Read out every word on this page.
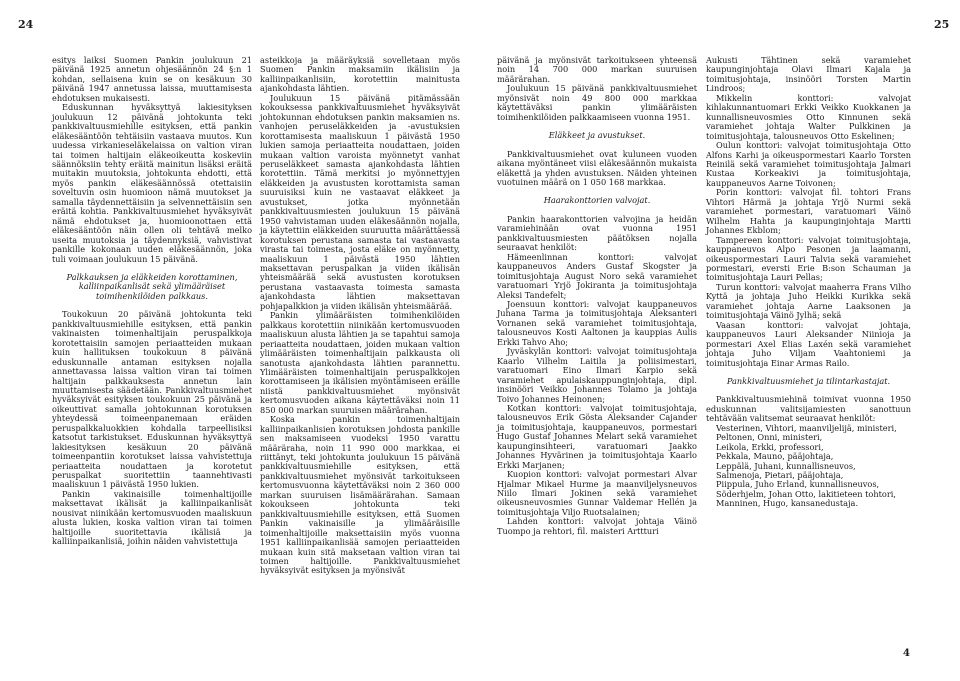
24	25

esitys laiksi Suomen Pankin joulukuun 21 päivänä 1925 annetun ohjesäännön 24 §:n 1 kohdan, sellaisena kuin se on kesäkuun 30 päivänä 1947 annetussa laissa, muuttamisesta ehdotuksen mukaisesti.

Eduskunnan hyväksyttyä lakiesityksen joulukuun 12 päivänä johtokunta teki pankkivaltuusmiehille esityksen, että pankin eläkesääntöön tehtäisiin vastaava muutos. Kun uudessa virkanieseläkelaissa on valtion viran tai toimen haltijain eläkeoikeutta koskeviin säännöksiin tehty eräitä mainitun lisäksi eräitä muitakin muutoksia, johtokunta ehdotti, että myös pankin eläkesäännössä otettaisiin soveltuvin osin huomioon nämä muutokset ja samalla täydennettäisiin ja selvennettäisiin sen eräitä kohtia. Pankkivaltuusmiehet hyväksyivät nämä ehdotukset ja, huomioonottaen että eläkesääntöön näin ollen oli tehtävä melko useita muutoksia ja täydennyksiä, vahvistivat pankille kokonaan uuden eläkesäännön, joka tuli voimaan joulukuun 15 päivänä.

Palkkauksen ja eläkkeiden korottaminen, kalliinpaikanlisät sekä ylimääräiset toimihenkilöiden palkkaus.

Toukokuun 20 päivänä johtokunta teki pankkivaltuusmiehille esityksen, että pankin vakinaisten toimenhaltijain peruspalkkoja korotettaisiin samojen periaatteiden mukaan kuin hallituksen toukokuun 8 päivänä eduskunnalle antaman esityksen nojalla annettavassa laissa valtion viran tai toimen haltijain palkkauksesta annetun lain muuttamisesta säädetään. Pankkivaltuusmiehet hyväksyivät esityksen toukokuun 25 päivänä ja oikeuttivat samalla johtokunnan korotuksen yhteydessä toimeenpanemaan eräiden peruspalkkaluokkien kohdalla tarpeellisiksi katsotut tarkistukset. Eduskunnan hyväksyttyä lakiesityksen kesäkuun 20 päivänä toimeenpantiin korotukset laissa vahvistettuja periaatteita noudattaen ja korotetut peruspalkat suoritettiin taannehtivasti maaliskuun 1 päivästä 1950 lukien.

Pankin vakinaisille toimenhaltijoille maksettavat ikälisät ja kalliinpaikanlisät nousivat niinikään kertomusvuoden maaliskuun alusta lukien, koska valtion viran tai toimen haltijoille suoritettavia ikälisiä ja kalliinpaikanlisiä, joihin näiden vahvistettuja

asteikkoja ja määräyksiä sovelletaan myös Suomen Pankin maksamiin ikälisiin ja kalliinpaikanlisiin, korotettiin mainitusta ajankohdasta lähtien.

Joulukuun 15 päivänä pitämässään kokouksessa pankkivaltuusmiehet hyväksyivät johtokunnan ehdotuksen pankin maksamien ns. vanhojen peruseläkkeiden ja -avustuksien korottamisesta maaliskuun 1 päivästä 1950 lukien samoja periaatteita noudattaen, joiden mukaan valtion varoista myönnetyt vanhat peruseläkkeet samasta ajankohdasta lähtien korotettiin. Tämä merkitsi jo myönnettyjen eläkkeiden ja avustusten korottamista saman suuruisiksi kuin ne vastaavat eläkkeet ja avustukset, jotka myönnetään pankkivaltuusmiesten joulukuun 15 päivänä 1950 vahvistaman uuden eläkesäännön nojalla, ja käytettiin eläkkeiden suuruutta määrättäessä korotuksen perustana samasta tai vastaavasta virasta tai toimesta, josta eläke on myönnetty, maaliskuun 1 päivästä 1950 lähtien maksettavan peruspalkan ja viiden ikälisän yhteismäärää sekä avustusten korotuksen perustana vastaavasta toimesta samasta ajankohdasta lähtien maksettavan pohjapalkkion ja viiden ikälisän yhteismäärää.

Pankin ylimääräisten toimihenkilöiden palkkaus korotettiin niinikään kertomusvuoden maaliskuun alusta lähtien ja se tapahtui samoja periaatteita noudattaen, joiden mukaan valtion ylimääräisten toimenhaltijain palkkausta oli sanotusta ajankohdasta lähtien parannettu. Ylimääräisten toimenhaltijain peruspalkkojen korottamiseen ja ikälisien myöntämiseen eräille niistä pankkivaltuusmiehet myönsivät kertomusvuoden aikana käytettäväksi noin 11 850 000 markan suuruisen määrärahan.

Koska pankin toimenhaltijain kalliinpaikanlisien korotuksen johdosta pankille sen maksamiseen vuodeksi 1950 varattu määräraha, noin 11 990 000 markkaa, ei riittänyt, teki johtokunta joulukuun 15 päivänä pankkivaltuusmiehille esityksen, että pankkivaltuusmiehet myönsivät tarkoitukseen kertomusvuonna käytettäväksi noin 2 360 000 markan suuruisen lisämäärärahan. Samaan kokoukseen johtokunta teki pankkivaltuusmiehille esityksen, että Suomen Pankin vakinaisille ja ylimääräisille toimenhaltijoille maksettaisiin myös vuonna 1951 kalliinpaikanlisää samojen periaatteiden mukaan kuin sitä maksetaan valtion viran tai toimen haltijoille. Pankkivaltuusmiehet hyväksyivät esityksen ja myönsivät

päivänä ja myönsivät tarkoitukseen yhteensä noin 14 700 000 markan suuruisen määrärahan.

Joulukuun 15 päivänä pankkivaltuusmiehet myönsivät noin 49 800 000 markkaa käytettäväksi pankin ylimääräisten toimihenkilöiden palkkaamiseen vuonna 1951.

Eläkkeet ja avustukset.

Pankkivaltuusmiehet ovat kuluneen vuoden aikana myöntäneet viisi eläkesäännön mukaista eläkettä ja yhden avustuksen. Näiden yhteinen vuotuinen määrä on 1 050 168 markkaa.

Haarakonttorien valvojat.

Pankin haarakonttorien valvojina ja heidän varamiehinään ovat vuonna 1951 pankkivaltuusmiesten päätöksen nojalla seuraavat henkilöt:

Hämeenlinnan konttori: valvojat kauppaneuvos Anders Gustaf Skogster ja toimitusjohtaja August Noro sekä varamiehet varatuomari Yrjö Jokiranta ja toimitusjohtaja Aleksi Tandefelt;

Joensuun konttori: valvojat kauppaneuvos Juhana Tarma ja toimitusjohtaja Aleksanteri Vornanen sekä varamiehet toimitusjohtaja, talousneuvos Kosti Aaltonen ja kauppias Aulis Erkki Tahvo Aho;

Jyväskylän konttori: valvojat toimitusjohtaja Kaarlo Vilhelm Laitila ja poliisimestari, varatuomari Eino Ilmari Karpio sekä varamiehet apulaiskauppunginjohtaja, dipl. insinööri Veikko Johannes Tolamo ja johtaja Toivo Johannes Heinonen;

Kotkan konttori: valvojat toimitusjohtaja, talousneuvos Erik Gösta Aleksander Cajander ja toimitusjohtaja, kauppaneuvos, pormestari Hugo Gustaf Johannes Melart sekä varamiehet kaupunginsihteeri, varatuomari Jaakko Johannes Hyvärinen ja toimitusjohtaja Kaarlo Erkki Marjanen;

Kuopion konttori: valvojat pormestari Alvar Hjalmar Mikael Hurme ja maanviljelysneuvos Niilo Ilmari Jokinen sekä varamiehet oikeusneuvosmies Gunnar Valdemar Hellén ja toimitusjohtaja Viljo Ruotsalainen;

Lahden konttori: valvojat johtaja Väinö Tuompo ja rehtori, fil. maisteri Arttturi

Aukusti Tähtinen sekä varamiehet kaupunginjohtaja Olavi Ilmari Kajala ja toimitusjohtaja, insinööri Torsten Martin Lindroos;

Mikkelin konttori: valvojat kihlakunnantuomari Erkki Veikko Kuokkanen ja kunnallisneuvosmies Otto Kinnunen sekä varamiehet johtaja Walter Pulkkinen ja toimitusjohtaja, talousneuvos Otto Eskelinen;

Oulun konttori: valvojat toimitusjohtaja Otto Alfons Karhi ja oikeuspormestari Kaarlo Torsten Reinilä sekä varamiehet toimitusjohtaja Jalmari Kustaa Korkeakivi ja toimitusjohtaja, kauppaneuvos Aarne Toivonen;

Porin konttori: valvojat fil. tohtori Frans Vihtori Härmä ja johtaja Yrjö Nurmi sekä varamiehet pormestari, varatuomari Väinö Wilhelm Hahta ja kaupunginjohtaja Martti Johannes Ekblom;

Tampereen konttori: valvojat toimitusjohtaja, kauppaneuvos Alpo Pesonen ja laamanni, oikeuspormestari Lauri Talvia sekä varamiehet pormestari, eversti Erie B:son Schauman ja toimitusjohtaja Lauri Pellas;

Turun konttori: valvojat maaherra Frans Vilho Kyttä ja johtaja Juho Heikki Kurikka sekä varamiehet johtaja Aarne Laaksonen ja toimitusjohtaja Väinö Jylhä; sekä

Vaasan konttori: valvojat johtaja, kauppaneuvos Lauri Aleksander Niinioja ja pormestari Axel Elias Laxén sekä varamiehet johtaja Juho Viljam Vaahtoniemi ja toimitusjohtaja Einar Armas Railo.

Pankkivaltuusmiehet ja tilintarkastajat.

Pankkivaltuusmiehinä toimivat vuonna 1950 eduskunnan valitsijamiesten sanottuun tehtävään valitsemat seuraavat henkilöt:

Vesterinen, Vihtori, maanviljelijä, ministeri,

Peltonen, Onni, ministeri,

Leikola, Erkki, professori,

Pekkala, Mauno, pääjohtaja,

Leppälä, Juhani, kunnallisneuvos,

Salmenoja, Pietari, pääjohtaja,

Piippula, Juho Erland, kunnallisneuvos,

Söderhjelm, Johan Otto, lakitieteen tohtori,

Manninen, Hugo, kansanedustaja.

4
